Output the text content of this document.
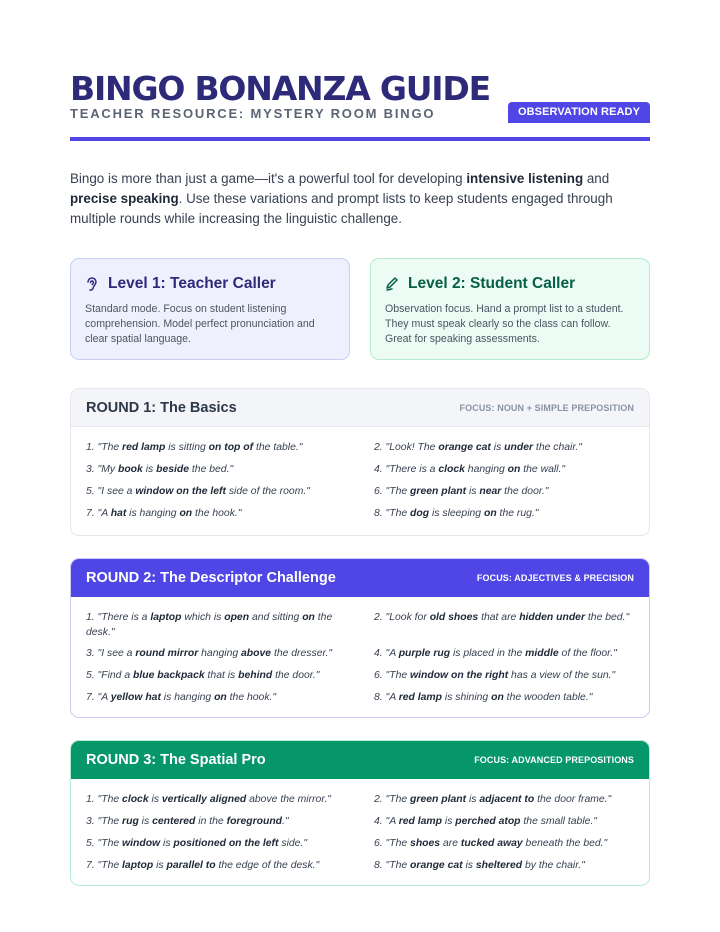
BINGO BONANZA GUIDE
TEACHER RESOURCE: MYSTERY ROOM BINGO	OBSERVATION READY

Bingo is more than just a game—it's a powerful tool for developing intensive listening and precise speaking. Use these variations and prompt lists to keep students engaged through multiple rounds while increasing the linguistic challenge.

Level 1: Teacher Caller

Standard mode. Focus on student listening comprehension. Model perfect pronunciation and clear spatial language.

Level 2: Student Caller

Observation focus. Hand a prompt list to a student. They must speak clearly so the class can follow. Great for speaking assessments.

ROUND 1: The Basics	FOCUS: NOUN + SIMPLE PREPOSITION
1. "The red lamp is sitting on top of the table."	2. "Look! The orange cat is under the chair."
3. "My book is beside the bed."	4. "There is a clock hanging on the wall."
5. "I see a window on the left side of the room."	6. "The green plant is near the door."
7. "A hat is hanging on the hook."	8. "The dog is sleeping on the rug."
ROUND 2: The Descriptor Challenge	FOCUS: ADJECTIVES & PRECISION
1. "There is a laptop which is open and sitting on the desk."
2. "Look for old shoes that are hidden under the bed."
3. "I see a round mirror hanging above the dresser."	4. "A purple rug is placed in the middle of the floor."
5. "Find a blue backpack that is behind the door."	6. "The window on the right has a view of the sun."
7. "A yellow hat is hanging on the hook."	8. "A red lamp is shining on the wooden table."
ROUND 3: The Spatial Pro	FOCUS: ADVANCED PREPOSITIONS
1. "The clock is vertically aligned above the mirror."	2. "The green plant is adjacent to the door frame."
3. "The rug is centered in the foreground."	4. "A red lamp is perched atop the small table."
5. "The window is positioned on the left side."	6. "The shoes are tucked away beneath the bed."
7. "The laptop is parallel to the edge of the desk."	8. "The orange cat is sheltered by the chair."
